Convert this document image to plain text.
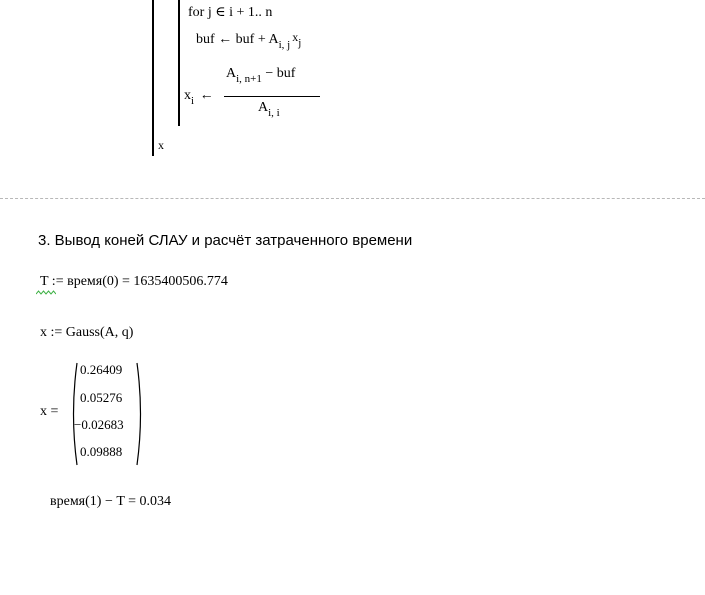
for j ∈ i + 1.. n
buf ← buf + $A_{i, j}x_j$
$x_i$ ←
$A_{i, n+1}$ − buf
$A_{i, i}$
x
3. Вывод коней СЛАУ и расчёт затраченного времени
T := время(0) = 1635400506.774
x := Gauss(A, q)
x =
0.26409
0.05276
−0.02683
0.09888
время(1) − T = 0.034
